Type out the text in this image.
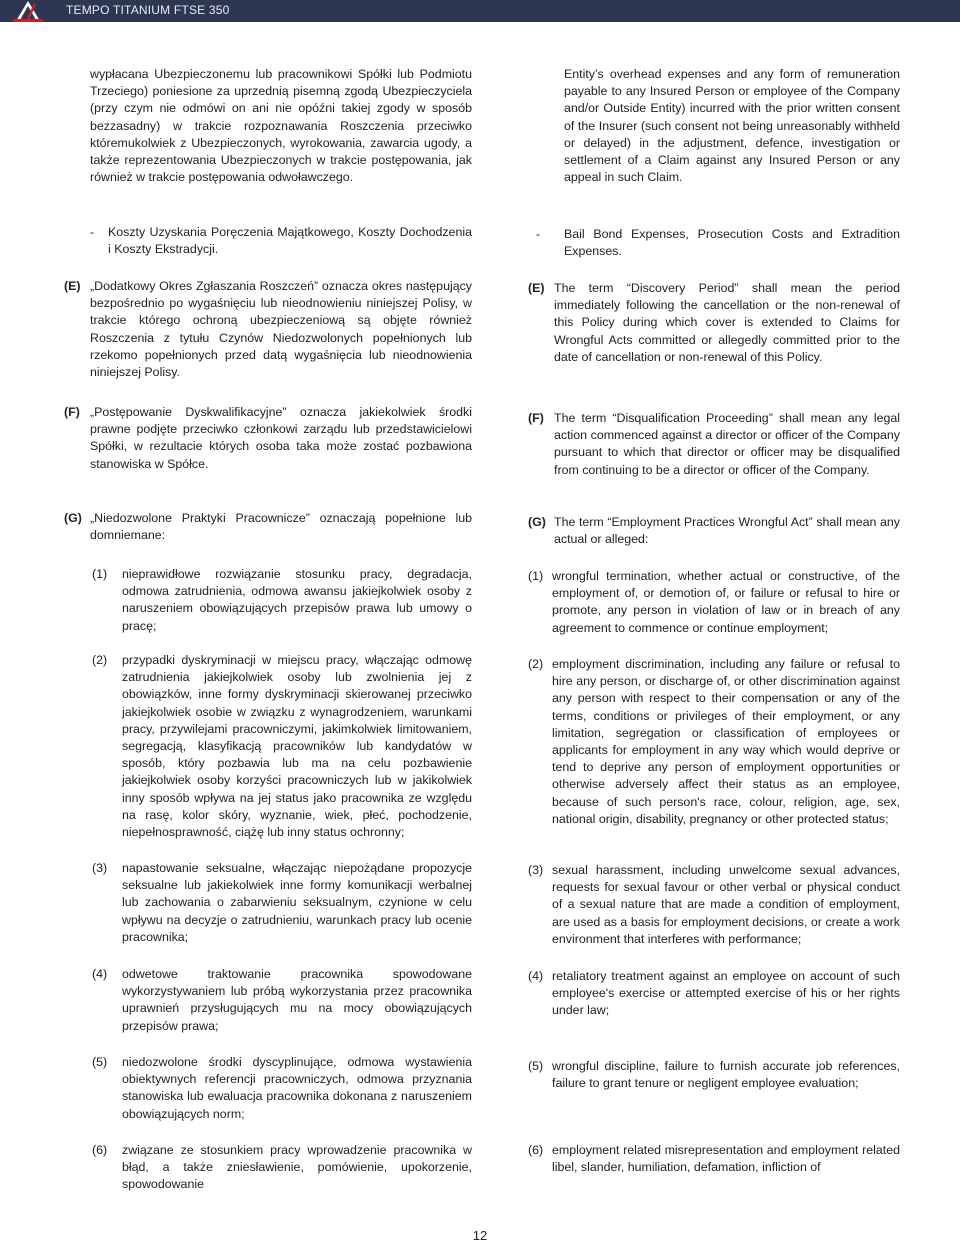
TEMPO TITANIUM FTSE 350
wypłacana Ubezpieczonemu lub pracownikowi Spółki lub Podmiotu Trzeciego) poniesione za uprzednią pisemną zgodą Ubezpieczyciela (przy czym nie odmówi on ani nie opóźni takiej zgody w sposób bezzasadny) w trakcie rozpoznawania Roszczenia przeciwko któremukolwiek z Ubezpieczonych, wyrokowania, zawarcia ugody, a także reprezentowania Ubezpieczonych w trakcie postępowania, jak również w trakcie postępowania odwoławczego.
- Koszty Uzyskania Poręczenia Majątkowego, Koszty Dochodzenia i Koszty Ekstradycji.
(E) „Dodatkowy Okres Zgłaszania Roszczeń” oznacza okres następujący bezpośrednio po wygaśnięciu lub nieodnowieniu niniejszej Polisy, w trakcie którego ochroną ubezpieczeniową są objęte również Roszczenia z tytułu Czynów Niedozwolonych popełnionych lub rzekomo popełnionych przed datą wygaśnięcia lub nieodnowienia niniejszej Polisy.
(F) „Postępowanie Dyskwalifikacyjne” oznacza jakiekolwiek środki prawne podjęte przeciwko członkowi zarządu lub przedstawicielowi Spółki, w rezultacie których osoba taka może zostać pozbawiona stanowiska w Spółce.
(G) „Niedozwolone Praktyki Pracownicze” oznaczają popełnione lub domniemane:
(1) nieprawidłowe rozwiązanie stosunku pracy, degradacja, odmowa zatrudnienia, odmowa awansu jakiejkolwiek osoby z naruszeniem obowiązujących przepisów prawa lub umowy o pracę;
(2) przypadki dyskryminacji w miejscu pracy, włączając odmowę zatrudnienia jakiejkolwiek osoby lub zwolnienia jej z obowiązków, inne formy dyskryminacji skierowanej przeciwko jakiejkolwiek osobie w związku z wynagrodzeniem, warunkami pracy, przywilejami pracowniczymi, jakimkolwiek limitowaniem, segregacją, klasyfikacją pracowników lub kandydatów w sposób, który pozbawia lub ma na celu pozbawienie jakiejkolwiek osoby korzyści pracowniczych lub w jakikolwiek inny sposób wpływa na jej status jako pracownika ze względu na rasę, kolor skóry, wyznanie, wiek, płeć, pochodzenie, niepełnosprawność, ciążę lub inny status ochronny;
(3) napastowanie seksualne, włączając niepożądane propozycje seksualne lub jakiekolwiek inne formy komunikacji werbalnej lub zachowania o zabarwieniu seksualnym, czynione w celu wpływu na decyzje o zatrudnieniu, warunkach pracy lub ocenie pracownika;
(4) odwetowe traktowanie pracownika spowodowane wykorzystywaniem lub próbą wykorzystania przez pracownika uprawnień przysługujących mu na mocy obowiązujących przepisów prawa;
(5) niedozwolone środki dyscyplinujące, odmowa wystawienia obiektywnych referencji pracowniczych, odmowa przyznania stanowiska lub ewaluacja pracownika dokonana z naruszeniem obowiązujących norm;
(6) związane ze stosunkiem pracy wprowadzenie pracownika w błąd, a także zniesławienie, pomówienie, upokorzenie, spowodowanie
Entity’s overhead expenses and any form of remuneration payable to any Insured Person or employee of the Company and/or Outside Entity) incurred with the prior written consent of the Insurer (such consent not being unreasonably withheld or delayed) in the adjustment, defence, investigation or settlement of a Claim against any Insured Person or any appeal in such Claim.
- Bail Bond Expenses, Prosecution Costs and Extradition Expenses.
(E) The term “Discovery Period” shall mean the period immediately following the cancellation or the non-renewal of this Policy during which cover is extended to Claims for Wrongful Acts committed or allegedly committed prior to the date of cancellation or non-renewal of this Policy.
(F) The term “Disqualification Proceeding” shall mean any legal action commenced against a director or officer of the Company pursuant to which that director or officer may be disqualified from continuing to be a director or officer of the Company.
(G) The term “Employment Practices Wrongful Act” shall mean any actual or alleged:
(1) wrongful termination, whether actual or constructive, of the employment of, or demotion of, or failure or refusal to hire or promote, any person in violation of law or in breach of any agreement to commence or continue employment;
(2) employment discrimination, including any failure or refusal to hire any person, or discharge of, or other discrimination against any person with respect to their compensation or any of the terms, conditions or privileges of their employment, or any limitation, segregation or classification of employees or applicants for employment in any way which would deprive or tend to deprive any person of employment opportunities or otherwise adversely affect their status as an employee, because of such person's race, colour, religion, age, sex, national origin, disability, pregnancy or other protected status;
(3) sexual harassment, including unwelcome sexual advances, requests for sexual favour or other verbal or physical conduct of a sexual nature that are made a condition of employment, are used as a basis for employment decisions, or create a work environment that interferes with performance;
(4) retaliatory treatment against an employee on account of such employee's exercise or attempted exercise of his or her rights under law;
(5) wrongful discipline, failure to furnish accurate job references, failure to grant tenure or negligent employee evaluation;
(6) employment related misrepresentation and employment related libel, slander, humiliation, defamation, infliction of
12
